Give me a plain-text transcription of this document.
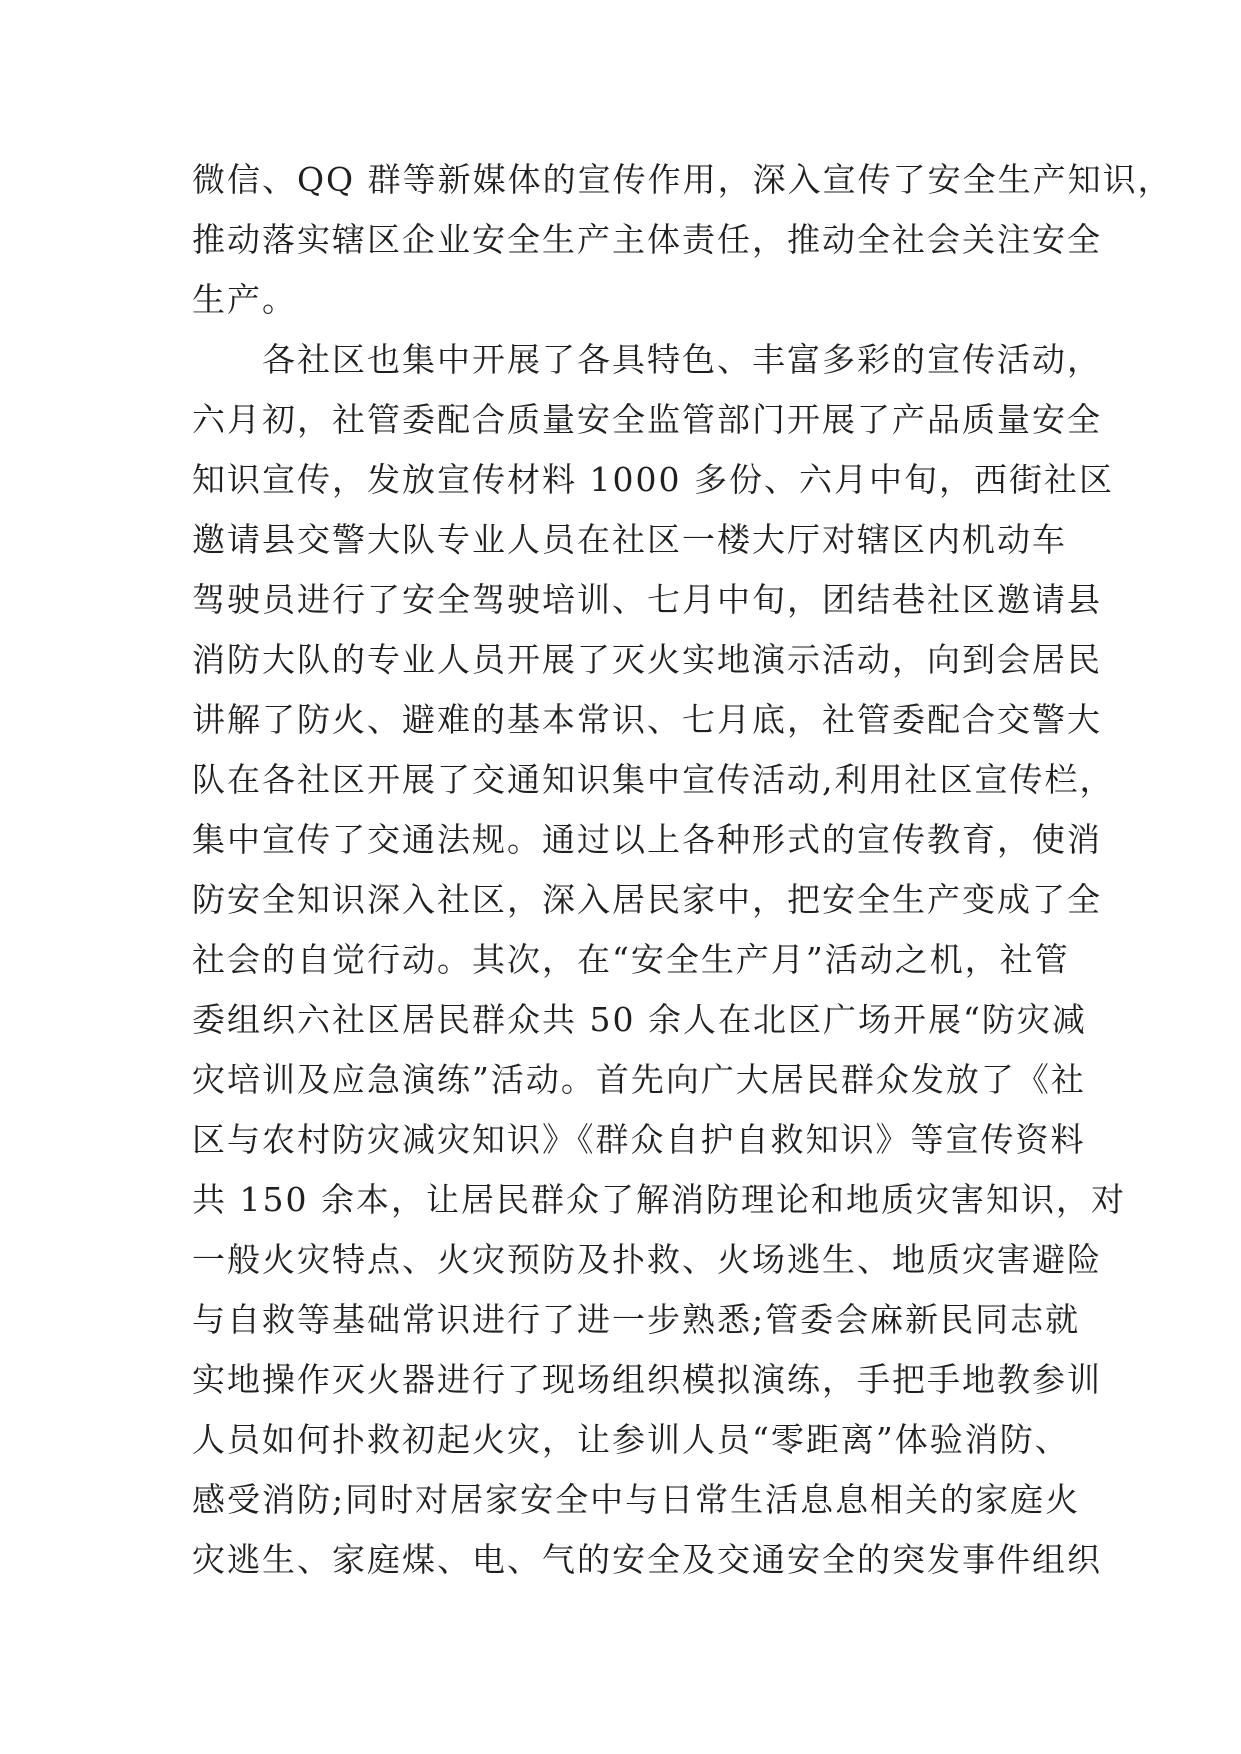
微信、QQ 群等新媒体的宣传作用，深入宣传了安全生产知识，
推动落实辖区企业安全生产主体责任，推动全社会关注安全
生产。
　　各社区也集中开展了各具特色、丰富多彩的宣传活动，
六月初，社管委配合质量安全监管部门开展了产品质量安全
知识宣传，发放宣传材料 1000 多份、六月中旬，西街社区
邀请县交警大队专业人员在社区一楼大厅对辖区内机动车
驾驶员进行了安全驾驶培训、七月中旬，团结巷社区邀请县
消防大队的专业人员开展了灭火实地演示活动，向到会居民
讲解了防火、避难的基本常识、七月底，社管委配合交警大
队在各社区开展了交通知识集中宣传活动,利用社区宣传栏，
集中宣传了交通法规。通过以上各种形式的宣传教育，使消
防安全知识深入社区，深入居民家中，把安全生产变成了全
社会的自觉行动。其次，在“安全生产月”活动之机，社管
委组织六社区居民群众共 50 余人在北区广场开展“防灾减
灾培训及应急演练”活动。首先向广大居民群众发放了《社
区与农村防灾减灾知识》《群众自护自救知识》等宣传资料
共 150 余本，让居民群众了解消防理论和地质灾害知识，对
一般火灾特点、火灾预防及扑救、火场逃生、地质灾害避险
与自救等基础常识进行了进一步熟悉;管委会麻新民同志就
实地操作灭火器进行了现场组织模拟演练，手把手地教参训
人员如何扑救初起火灾，让参训人员“零距离”体验消防、
感受消防;同时对居家安全中与日常生活息息相关的家庭火
灾逃生、家庭煤、电、气的安全及交通安全的突发事件组织
